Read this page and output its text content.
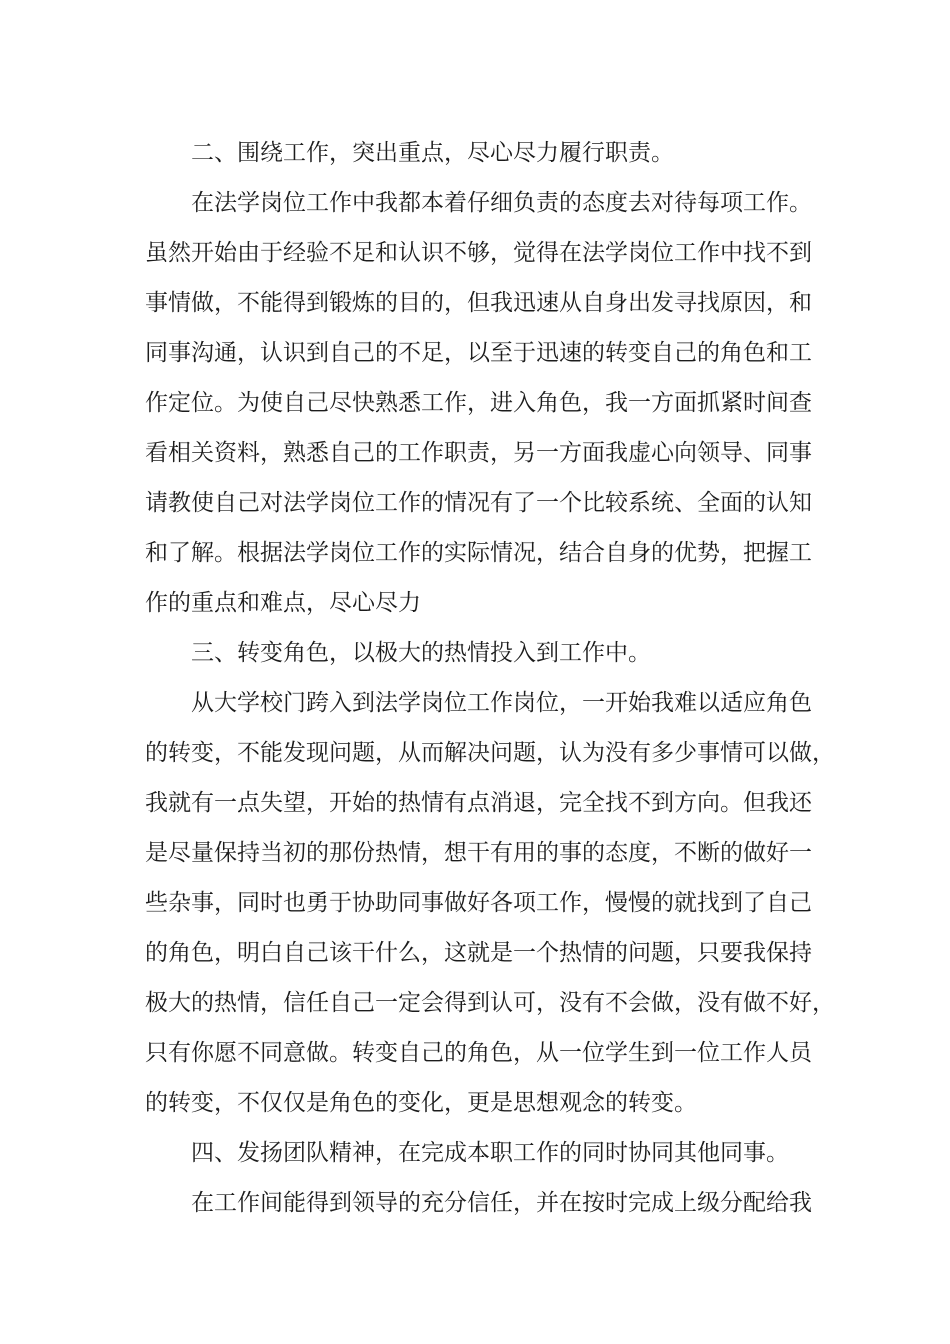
二、围绕工作，突出重点，尽心尽力履行职责。
在法学岗位工作中我都本着仔细负责的态度去对待每项工作。
虽然开始由于经验不足和认识不够，觉得在法学岗位工作中找不到
事情做，不能得到锻炼的目的，但我迅速从自身出发寻找原因，和
同事沟通，认识到自己的不足，以至于迅速的转变自己的角色和工
作定位。为使自己尽快熟悉工作，进入角色，我一方面抓紧时间查
看相关资料，熟悉自己的工作职责，另一方面我虚心向领导、同事
请教使自己对法学岗位工作的情况有了一个比较系统、全面的认知
和了解。根据法学岗位工作的实际情况，结合自身的优势，把握工
作的重点和难点，尽心尽力
三、转变角色，以极大的热情投入到工作中。
从大学校门跨入到法学岗位工作岗位，一开始我难以适应角色
的转变，不能发现问题，从而解决问题，认为没有多少事情可以做，
我就有一点失望，开始的热情有点消退，完全找不到方向。但我还
是尽量保持当初的那份热情，想干有用的事的态度，不断的做好一
些杂事，同时也勇于协助同事做好各项工作，慢慢的就找到了自己
的角色，明白自己该干什么，这就是一个热情的问题，只要我保持
极大的热情，信任自己一定会得到认可，没有不会做，没有做不好，
只有你愿不同意做。转变自己的角色，从一位学生到一位工作人员
的转变，不仅仅是角色的变化，更是思想观念的转变。
四、发扬团队精神，在完成本职工作的同时协同其他同事。
在工作间能得到领导的充分信任，并在按时完成上级分配给我
